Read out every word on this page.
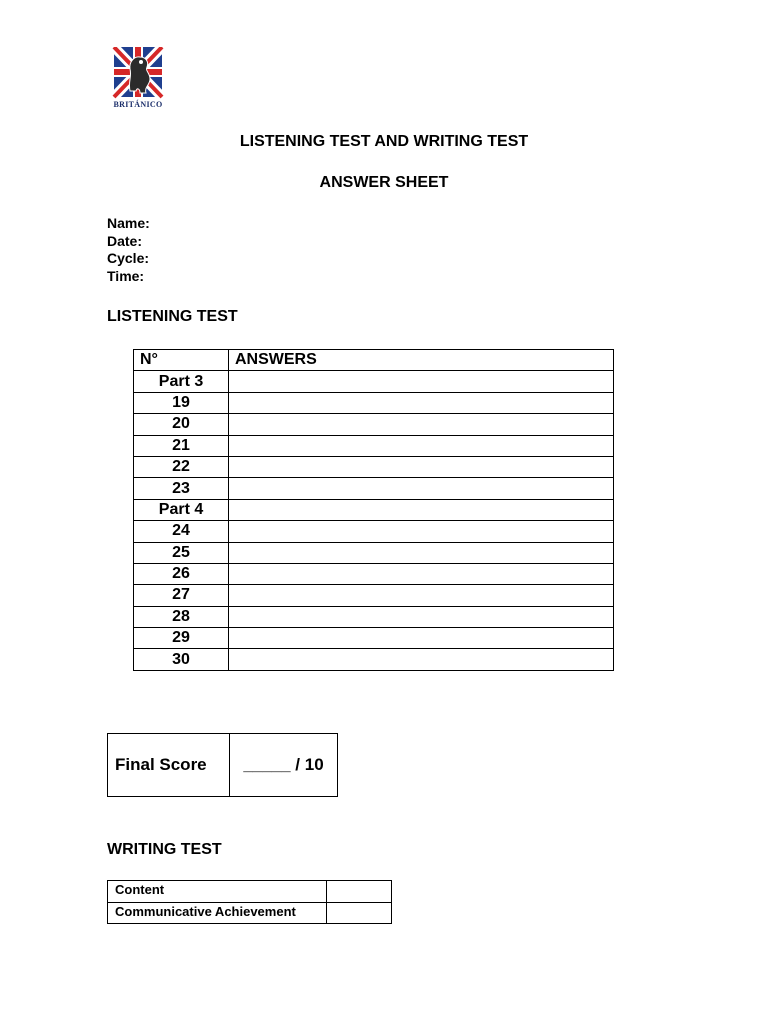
BRITÁNICO
LISTENING TEST AND WRITING TEST
ANSWER SHEET
Name:
Date:
Cycle:
Time:
LISTENING TEST
N°	ANSWERS
Part 3	
19	
20	
21	
22	
23	
Part 4	
24	
25	
26	
27	
28	
29	
30	
Final Score	_____ / 10
WRITING TEST
Content	
Communicative Achievement	
